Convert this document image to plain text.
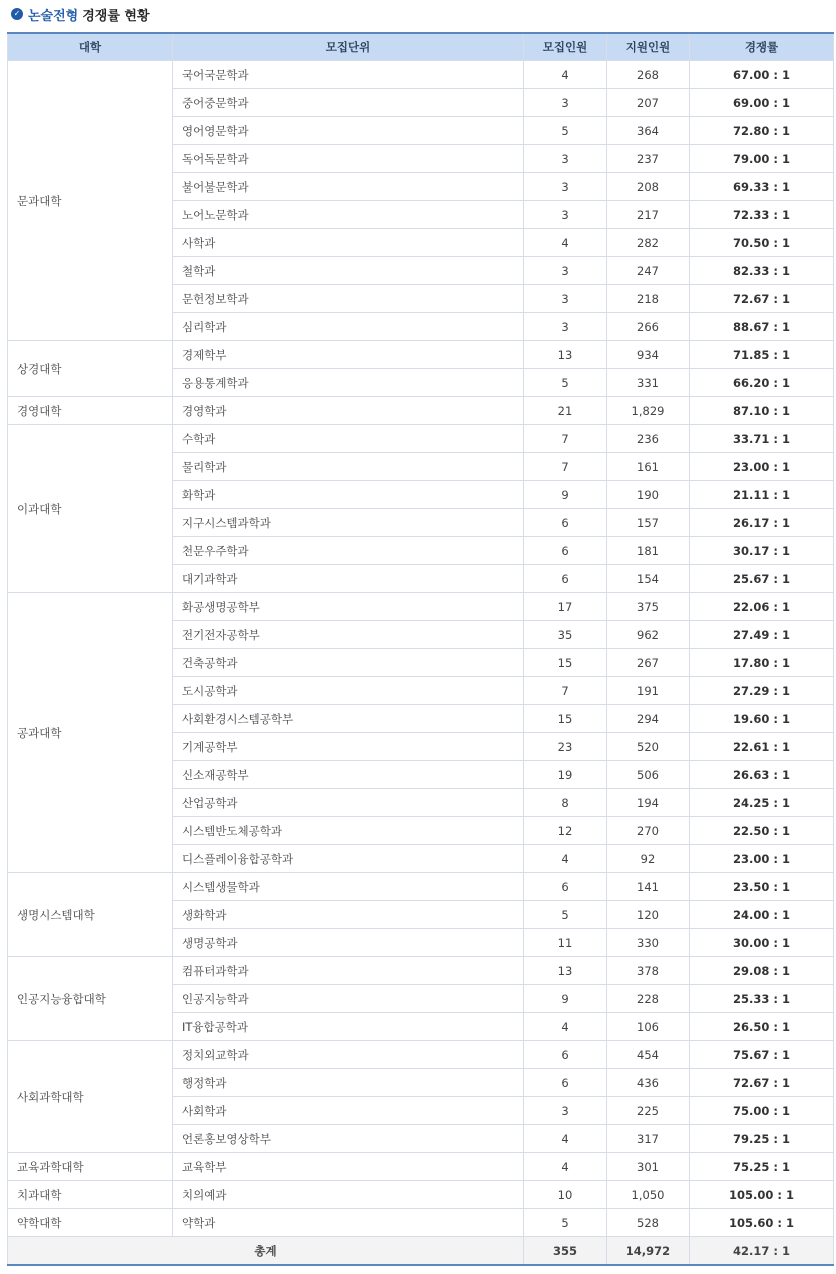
✓ 논술전형 경쟁률 현황
대학	모집단위	모집인원	지원인원	경쟁률
문과대학	국어국문학과	4	268	67.00 : 1
	중어중문학과	3	207	69.00 : 1
	영어영문학과	5	364	72.80 : 1
	독어독문학과	3	237	79.00 : 1
	불어불문학과	3	208	69.33 : 1
	노어노문학과	3	217	72.33 : 1
	사학과	4	282	70.50 : 1
	철학과	3	247	82.33 : 1
	문헌정보학과	3	218	72.67 : 1
	심리학과	3	266	88.67 : 1
상경대학	경제학부	13	934	71.85 : 1
	응용통계학과	5	331	66.20 : 1
경영대학	경영학과	21	1,829	87.10 : 1
이과대학	수학과	7	236	33.71 : 1
	물리학과	7	161	23.00 : 1
	화학과	9	190	21.11 : 1
	지구시스템과학과	6	157	26.17 : 1
	천문우주학과	6	181	30.17 : 1
	대기과학과	6	154	25.67 : 1
공과대학	화공생명공학부	17	375	22.06 : 1
	전기전자공학부	35	962	27.49 : 1
	건축공학과	15	267	17.80 : 1
	도시공학과	7	191	27.29 : 1
	사회환경시스템공학부	15	294	19.60 : 1
	기계공학부	23	520	22.61 : 1
	신소재공학부	19	506	26.63 : 1
	산업공학과	8	194	24.25 : 1
	시스템반도체공학과	12	270	22.50 : 1
	디스플레이융합공학과	4	92	23.00 : 1
생명시스템대학	시스템생물학과	6	141	23.50 : 1
	생화학과	5	120	24.00 : 1
	생명공학과	11	330	30.00 : 1
인공지능융합대학	컴퓨터과학과	13	378	29.08 : 1
	인공지능학과	9	228	25.33 : 1
	IT융합공학과	4	106	26.50 : 1
사회과학대학	정치외교학과	6	454	75.67 : 1
	행정학과	6	436	72.67 : 1
	사회학과	3	225	75.00 : 1
	언론홍보영상학부	4	317	79.25 : 1
교육과학대학	교육학부	4	301	75.25 : 1
치과대학	치의예과	10	1,050	105.00 : 1
약학대학	약학과	5	528	105.60 : 1
총계		355	14,972	42.17 : 1
